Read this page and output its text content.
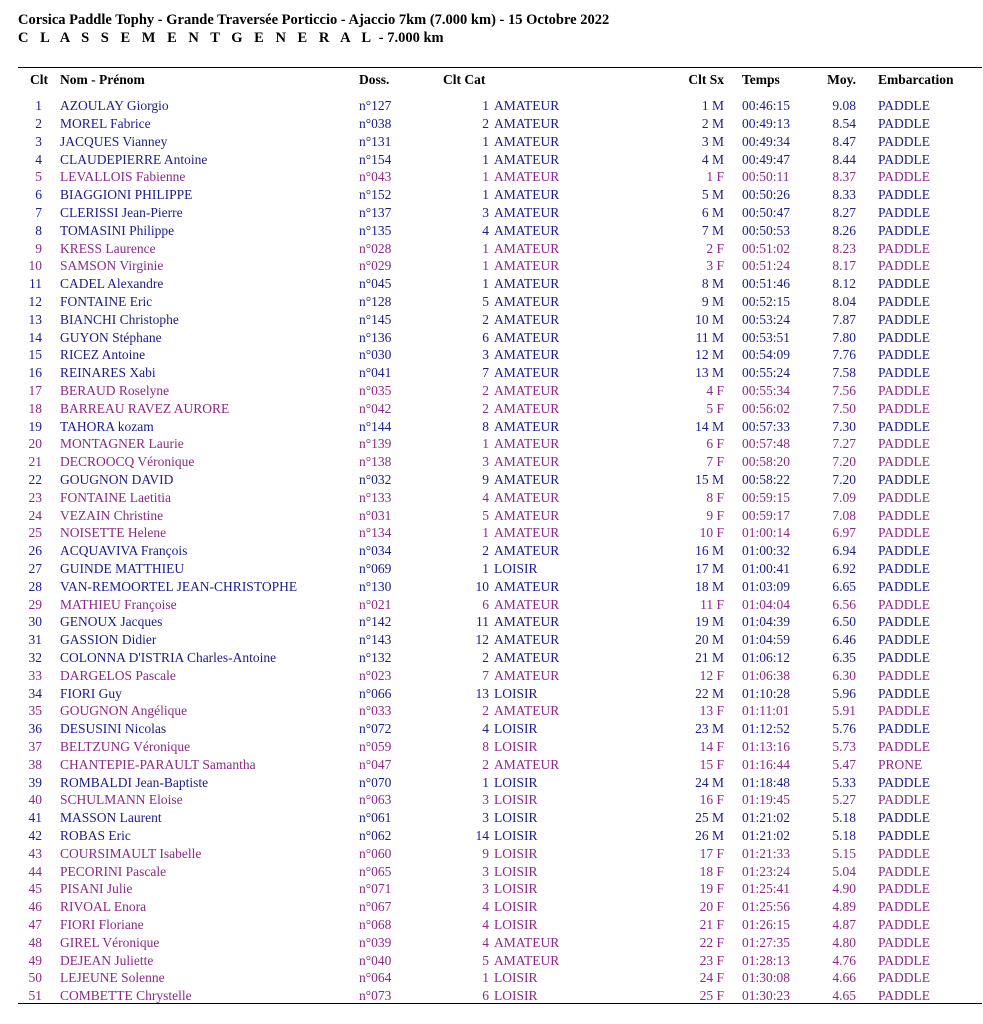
Corsica Paddle Tophy - Grande Traversée Porticcio - Ajaccio 7km (7.000 km) - 15 Octobre 2022
C L A S S E M E N T G E N E R A L - 7.000 km
Clt Nom - Prénom	Doss.	Clt Cat	Clt Sx Temps	Moy. Embarcation
1 AZOULAY Giorgio	n°127	1 AMATEUR	1 M 00:46:15	9.08 PADDLE
2 MOREL Fabrice	n°038	2 AMATEUR	2 M 00:49:13	8.54 PADDLE
3 JACQUES Vianney	n°131	1 AMATEUR	3 M 00:49:34	8.47 PADDLE
4 CLAUDEPIERRE Antoine	n°154	1 AMATEUR	4 M 00:49:47	8.44 PADDLE
5 LEVALLOIS Fabienne	n°043	1 AMATEUR	1 F 00:50:11	8.37 PADDLE
6 BIAGGIONI PHILIPPE	n°152	1 AMATEUR	5 M 00:50:26	8.33 PADDLE
7 CLERISSI Jean-Pierre	n°137	3 AMATEUR	6 M 00:50:47	8.27 PADDLE
8 TOMASINI Philippe	n°135	4 AMATEUR	7 M 00:50:53	8.26 PADDLE
9 KRESS Laurence	n°028	1 AMATEUR	2 F 00:51:02	8.23 PADDLE
10 SAMSON Virginie	n°029	1 AMATEUR	3 F 00:51:24	8.17 PADDLE
11 CADEL Alexandre	n°045	1 AMATEUR	8 M 00:51:46	8.12 PADDLE
12 FONTAINE Eric	n°128	5 AMATEUR	9 M 00:52:15	8.04 PADDLE
13 BIANCHI Christophe	n°145	2 AMATEUR	10 M 00:53:24	7.87 PADDLE
14 GUYON Stéphane	n°136	6 AMATEUR	11 M 00:53:51	7.80 PADDLE
15 RICEZ Antoine	n°030	3 AMATEUR	12 M 00:54:09	7.76 PADDLE
16 REINARES Xabi	n°041	7 AMATEUR	13 M 00:55:24	7.58 PADDLE
17 BERAUD Roselyne	n°035	2 AMATEUR	4 F 00:55:34	7.56 PADDLE
18 BARREAU RAVEZ AURORE	n°042	2 AMATEUR	5 F 00:56:02	7.50 PADDLE
19 TAHORA kozam	n°144	8 AMATEUR	14 M 00:57:33	7.30 PADDLE
20 MONTAGNER Laurie	n°139	1 AMATEUR	6 F 00:57:48	7.27 PADDLE
21 DECROOCQ Véronique	n°138	3 AMATEUR	7 F 00:58:20	7.20 PADDLE
22 GOUGNON DAVID	n°032	9 AMATEUR	15 M 00:58:22	7.20 PADDLE
23 FONTAINE Laetitia	n°133	4 AMATEUR	8 F 00:59:15	7.09 PADDLE
24 VEZAIN Christine	n°031	5 AMATEUR	9 F 00:59:17	7.08 PADDLE
25 NOISETTE Helene	n°134	1 AMATEUR	10 F 01:00:14	6.97 PADDLE
26 ACQUAVIVA François	n°034	2 AMATEUR	16 M 01:00:32	6.94 PADDLE
27 GUINDE MATTHIEU	n°069	1 LOISIR	17 M 01:00:41	6.92 PADDLE
28 VAN-REMOORTEL JEAN-CHRISTOPHE	n°130	10 AMATEUR	18 M 01:03:09	6.65 PADDLE
29 MATHIEU Françoise	n°021	6 AMATEUR	11 F 01:04:04	6.56 PADDLE
30 GENOUX Jacques	n°142	11 AMATEUR	19 M 01:04:39	6.50 PADDLE
31 GASSION Didier	n°143	12 AMATEUR	20 M 01:04:59	6.46 PADDLE
32 COLONNA D'ISTRIA Charles-Antoine	n°132	2 AMATEUR	21 M 01:06:12	6.35 PADDLE
33 DARGELOS Pascale	n°023	7 AMATEUR	12 F 01:06:38	6.30 PADDLE
34 FIORI Guy	n°066	13 LOISIR	22 M 01:10:28	5.96 PADDLE
35 GOUGNON Angélique	n°033	2 AMATEUR	13 F 01:11:01	5.91 PADDLE
36 DESUSINI Nicolas	n°072	4 LOISIR	23 M 01:12:52	5.76 PADDLE
37 BELTZUNG Véronique	n°059	8 LOISIR	14 F 01:13:16	5.73 PADDLE
38 CHANTEPIE-PARAULT Samantha	n°047	2 AMATEUR	15 F 01:16:44	5.47 PRONE
39 ROMBALDI Jean-Baptiste	n°070	1 LOISIR	24 M 01:18:48	5.33 PADDLE
40 SCHULMANN Eloise	n°063	3 LOISIR	16 F 01:19:45	5.27 PADDLE
41 MASSON Laurent	n°061	3 LOISIR	25 M 01:21:02	5.18 PADDLE
42 ROBAS Eric	n°062	14 LOISIR	26 M 01:21:02	5.18 PADDLE
43 COURSIMAULT Isabelle	n°060	9 LOISIR	17 F 01:21:33	5.15 PADDLE
44 PECORINI Pascale	n°065	3 LOISIR	18 F 01:23:24	5.04 PADDLE
45 PISANI Julie	n°071	3 LOISIR	19 F 01:25:41	4.90 PADDLE
46 RIVOAL Enora	n°067	4 LOISIR	20 F 01:25:56	4.89 PADDLE
47 FIORI Floriane	n°068	4 LOISIR	21 F 01:26:15	4.87 PADDLE
48 GIREL Véronique	n°039	4 AMATEUR	22 F 01:27:35	4.80 PADDLE
49 DEJEAN Juliette	n°040	5 AMATEUR	23 F 01:28:13	4.76 PADDLE
50 LEJEUNE Solenne	n°064	1 LOISIR	24 F 01:30:08	4.66 PADDLE
51 COMBETTE Chrystelle	n°073	6 LOISIR	25 F 01:30:23	4.65 PADDLE
